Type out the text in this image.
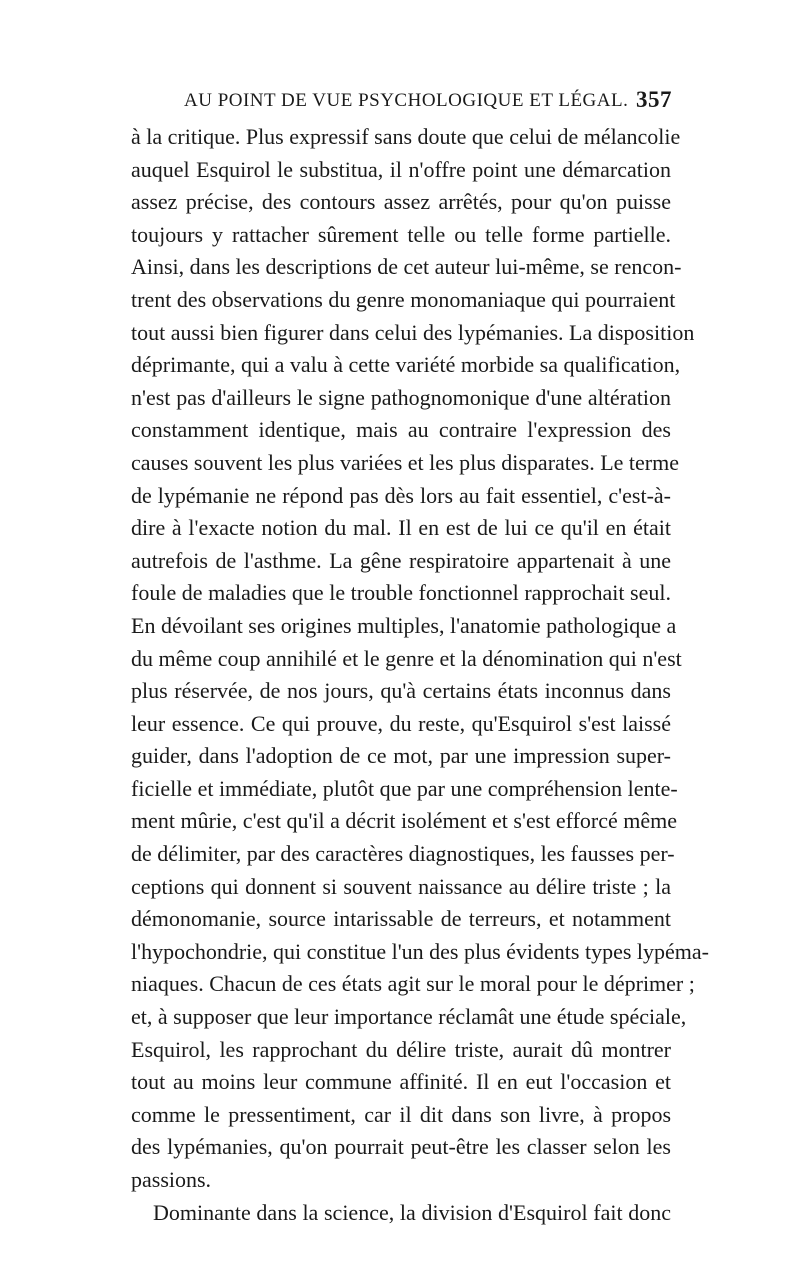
AU POINT DE VUE PSYCHOLOGIQUE ET LÉGAL. 357
à la critique. Plus expressif sans doute que celui de mélancolie
auquel Esquirol le substitua, il n'offre point une démarcation
assez précise, des contours assez arrêtés, pour qu'on puisse
toujours y rattacher sûrement telle ou telle forme partielle.
Ainsi, dans les descriptions de cet auteur lui-même, se rencon-
trent des observations du genre monomaniaque qui pourraient
tout aussi bien figurer dans celui des lypémanies. La disposition
déprimante, qui a valu à cette variété morbide sa qualification,
n'est pas d'ailleurs le signe pathognomonique d'une altération
constamment identique, mais au contraire l'expression des
causes souvent les plus variées et les plus disparates. Le terme
de lypémanie ne répond pas dès lors au fait essentiel, c'est-à-
dire à l'exacte notion du mal. Il en est de lui ce qu'il en était
autrefois de l'asthme. La gêne respiratoire appartenait à une
foule de maladies que le trouble fonctionnel rapprochait seul.
En dévoilant ses origines multiples, l'anatomie pathologique a
du même coup annihilé et le genre et la dénomination qui n'est
plus réservée, de nos jours, qu'à certains états inconnus dans
leur essence. Ce qui prouve, du reste, qu'Esquirol s'est laissé
guider, dans l'adoption de ce mot, par une impression super-
ficielle et immédiate, plutôt que par une compréhension lente-
ment mûrie, c'est qu'il a décrit isolément et s'est efforcé même
de délimiter, par des caractères diagnostiques, les fausses per-
ceptions qui donnent si souvent naissance au délire triste ; la
démonomanie, source intarissable de terreurs, et notamment
l'hypochondrie, qui constitue l'un des plus évidents types lypéma-
niaques. Chacun de ces états agit sur le moral pour le déprimer ;
et, à supposer que leur importance réclamât une étude spéciale,
Esquirol, les rapprochant du délire triste, aurait dû montrer
tout au moins leur commune affinité. Il en eut l'occasion et
comme le pressentiment, car il dit dans son livre, à propos
des lypémanies, qu'on pourrait peut-être les classer selon les
passions.
Dominante dans la science, la division d'Esquirol fait donc
